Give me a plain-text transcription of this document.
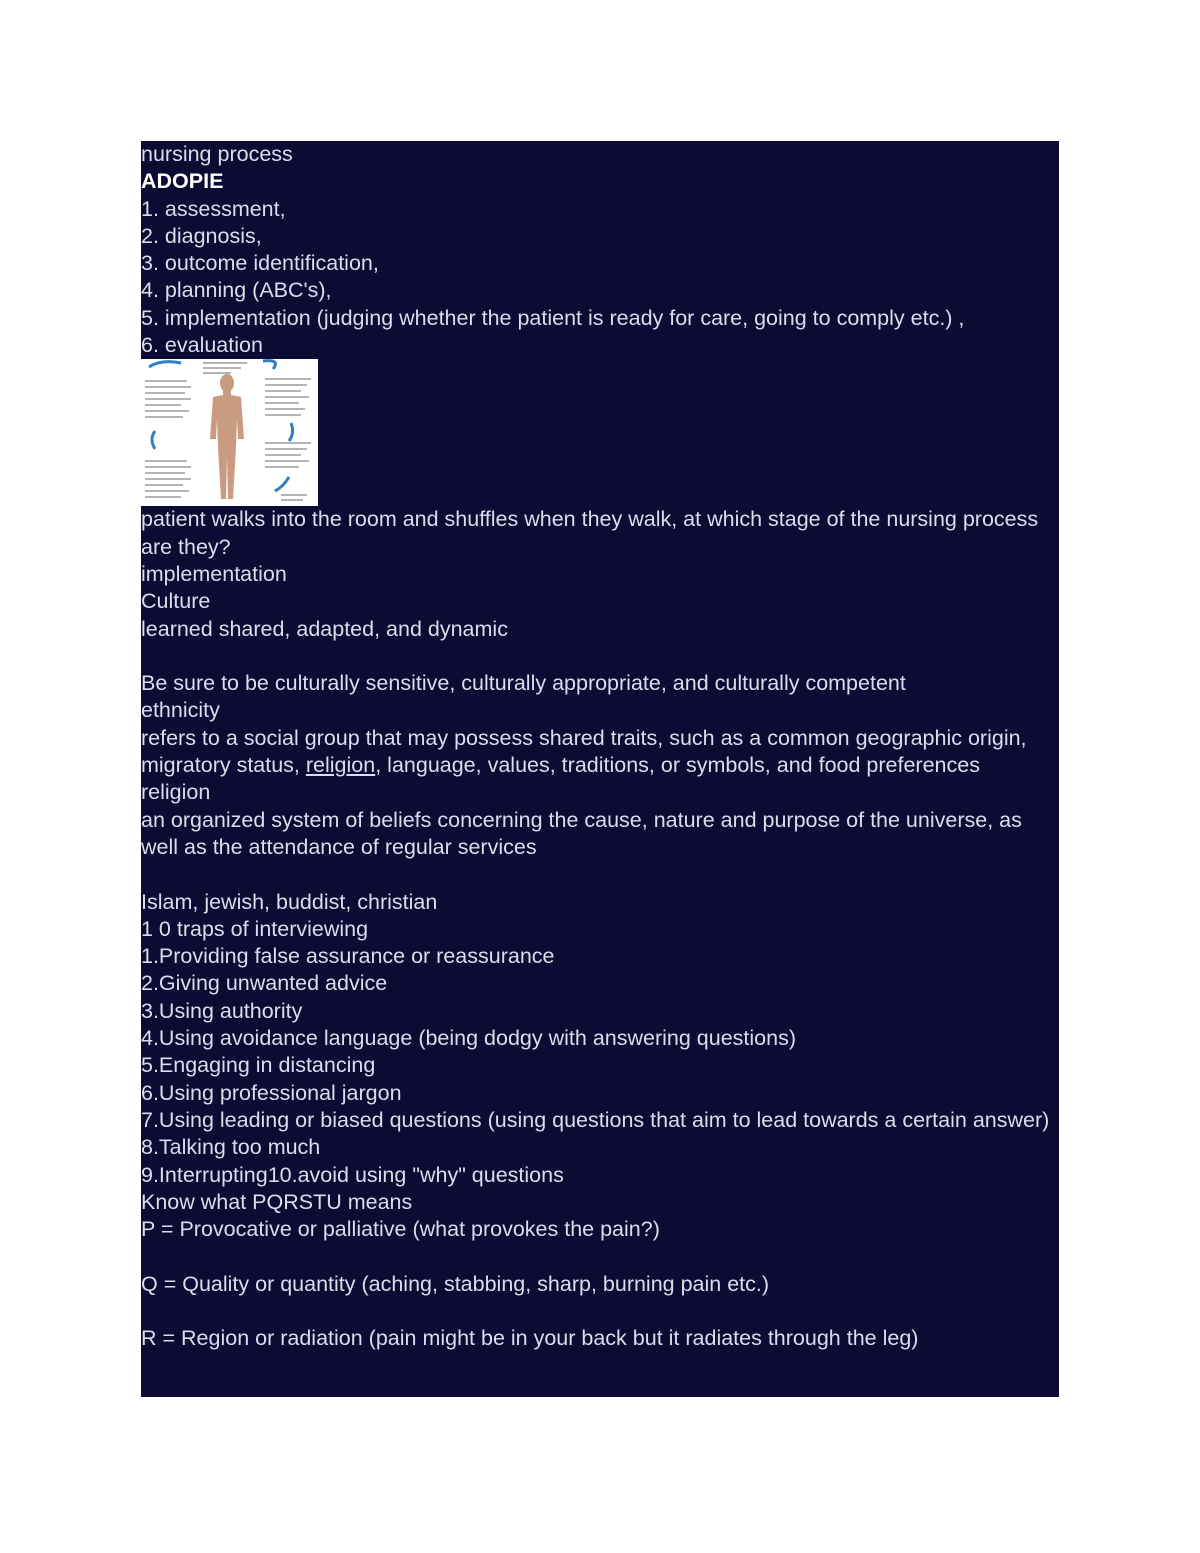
nursing process
ADOPIE
1. assessment,
2. diagnosis,
3. outcome identification,
4. planning (ABC's),
5. implementation (judging whether the patient is ready for care, going to comply etc.) ,
6. evaluation
patient walks into the room and shuffles when they walk, at which stage of the nursing process are they?
implementation
Culture
learned shared, adapted, and dynamic
Be sure to be culturally sensitive, culturally appropriate, and culturally competent
ethnicity
refers to a social group that may possess shared traits, such as a common geographic origin, migratory status, religion, language, values, traditions, or symbols, and food preferences
religion
an organized system of beliefs concerning the cause, nature and purpose of the universe, as well as the attendance of regular services
Islam, jewish, buddist, christian
1 0 traps of interviewing
1.Providing false assurance or reassurance
2.Giving unwanted advice
3.Using authority
4.Using avoidance language (being dodgy with answering questions)
5.Engaging in distancing
6.Using professional jargon
7.Using leading or biased questions (using questions that aim to lead towards a certain answer)
8.Talking too much
9.Interrupting10.avoid using "why" questions
Know what PQRSTU means
P = Provocative or palliative (what provokes the pain?)
Q = Quality or quantity (aching, stabbing, sharp, burning pain etc.)
R = Region or radiation (pain might be in your back but it radiates through the leg)
